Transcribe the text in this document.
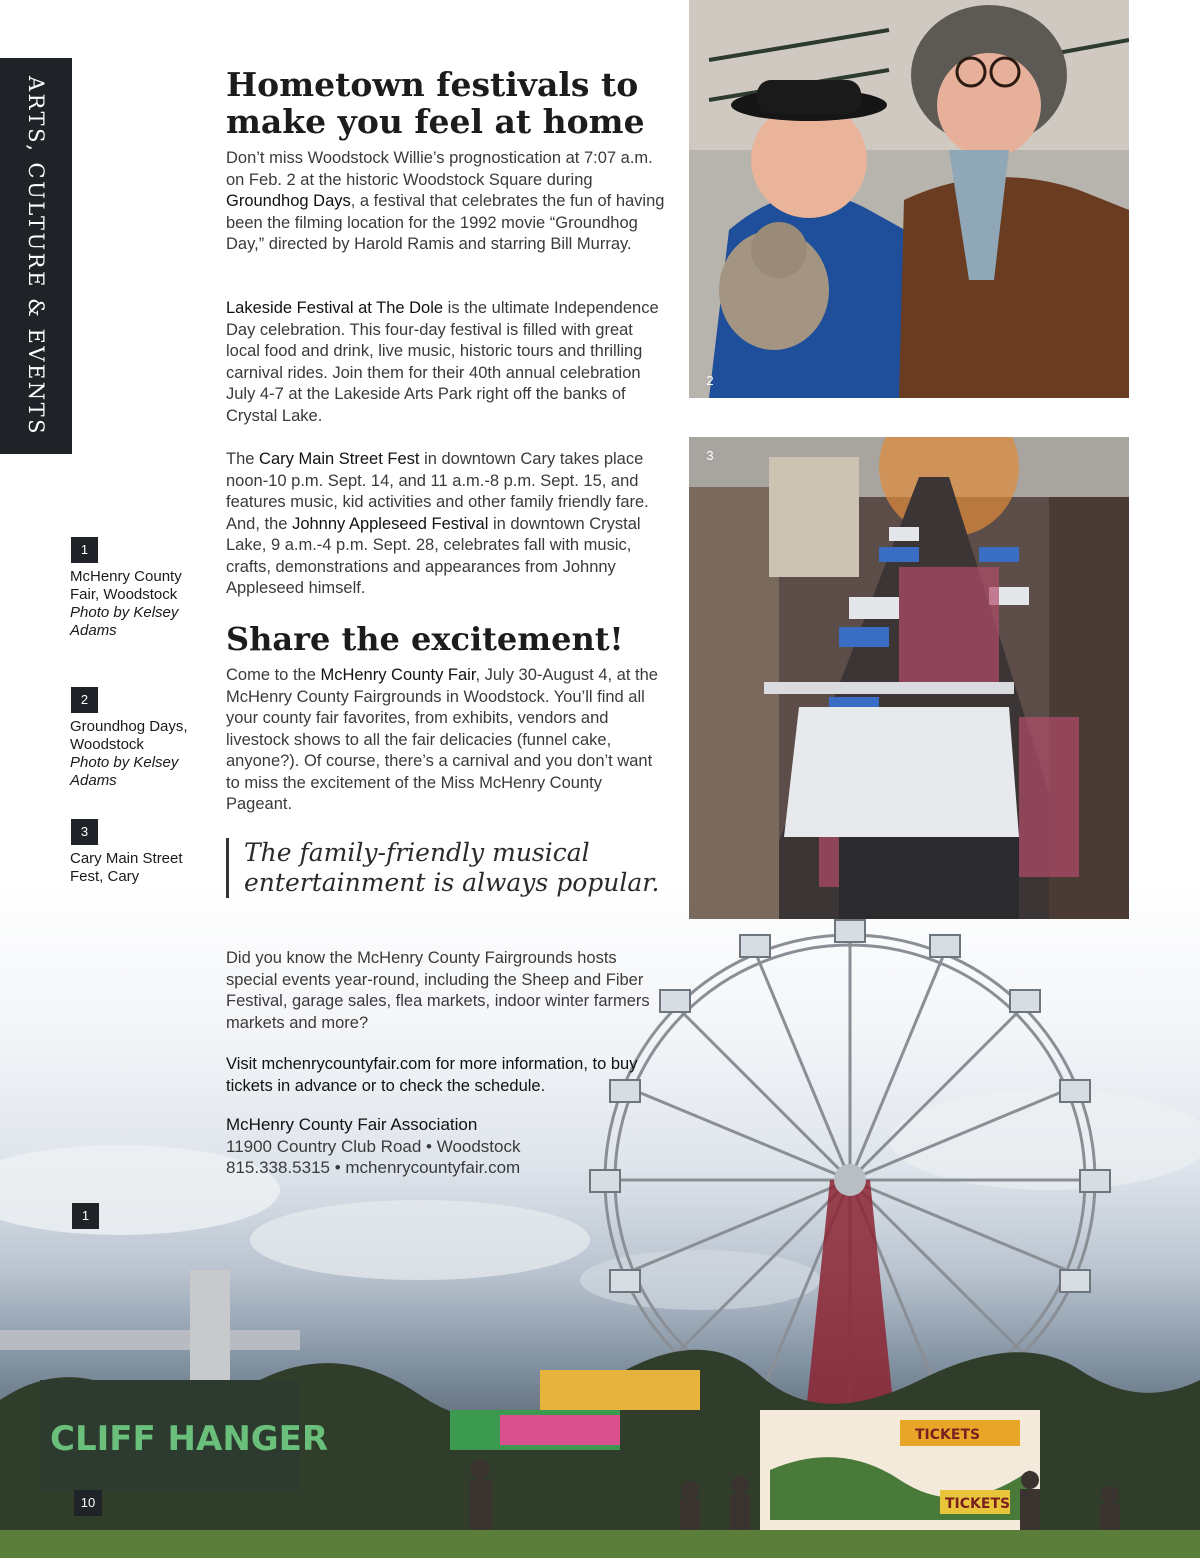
CLIFF HANGER	TICKETS
TICKETS
ARTS, CULTURE & EVENTS	Hometown festivals to make you feel at home

Don’t miss Woodstock Willie’s prognostication at 7:07 a.m. on Feb. 2 at the historic Woodstock Square during Groundhog Days, a festival that celebrates the fun of having been the filming location for the 1992 movie “Groundhog Day,” directed by Harold Ramis and starring Bill Murray.

Lakeside Festival at The Dole is the ultimate Independence Day celebration. This four-day festival is filled with great local food and drink, live music, historic tours and thrilling carnival rides. Join them for their 40th annual celebration July 4-7 at the Lakeside Arts Park right off the banks of Crystal Lake.

The Cary Main Street Fest in downtown Cary takes place noon-10 p.m. Sept. 14, and 11 a.m.-8 p.m. Sept. 15, and features music, kid activities and other family friendly fare. And, the Johnny Appleseed Festival in downtown Crystal Lake, 9 a.m.-4 p.m. Sept. 28, celebrates fall with music, crafts, demonstrations and appearances from Johnny Appleseed himself.

Share the excitement!

Come to the McHenry County Fair, July 30-August 4, at the McHenry County Fairgrounds in Woodstock. You’ll find all your county fair favorites, from exhibits, vendors and livestock shows to all the fair delicacies (funnel cake, anyone?). Of course, there’s a carnival and you don’t want to miss the excitement of the Miss McHenry County Pageant.

The family-friendly musical entertainment is always popular.

Did you know the McHenry County Fairgrounds hosts special events year-round, including the Sheep and Fiber Festival, garage sales, flea markets, indoor winter farmers markets and more?

Visit mchenrycountyfair.com for more information, to buy tickets in advance or to check the schedule.

McHenry County Fair Association

11900 Country Club Road • Woodstock

815.338.5315 • mchenrycountyfair.com

1
McHenry County Fair, Woodstock
Photo by Kelsey Adams
2
Groundhog Days, Woodstock
Photo by Kelsey Adams
3
Cary Main Street Fest, Cary
1
2
3
10
